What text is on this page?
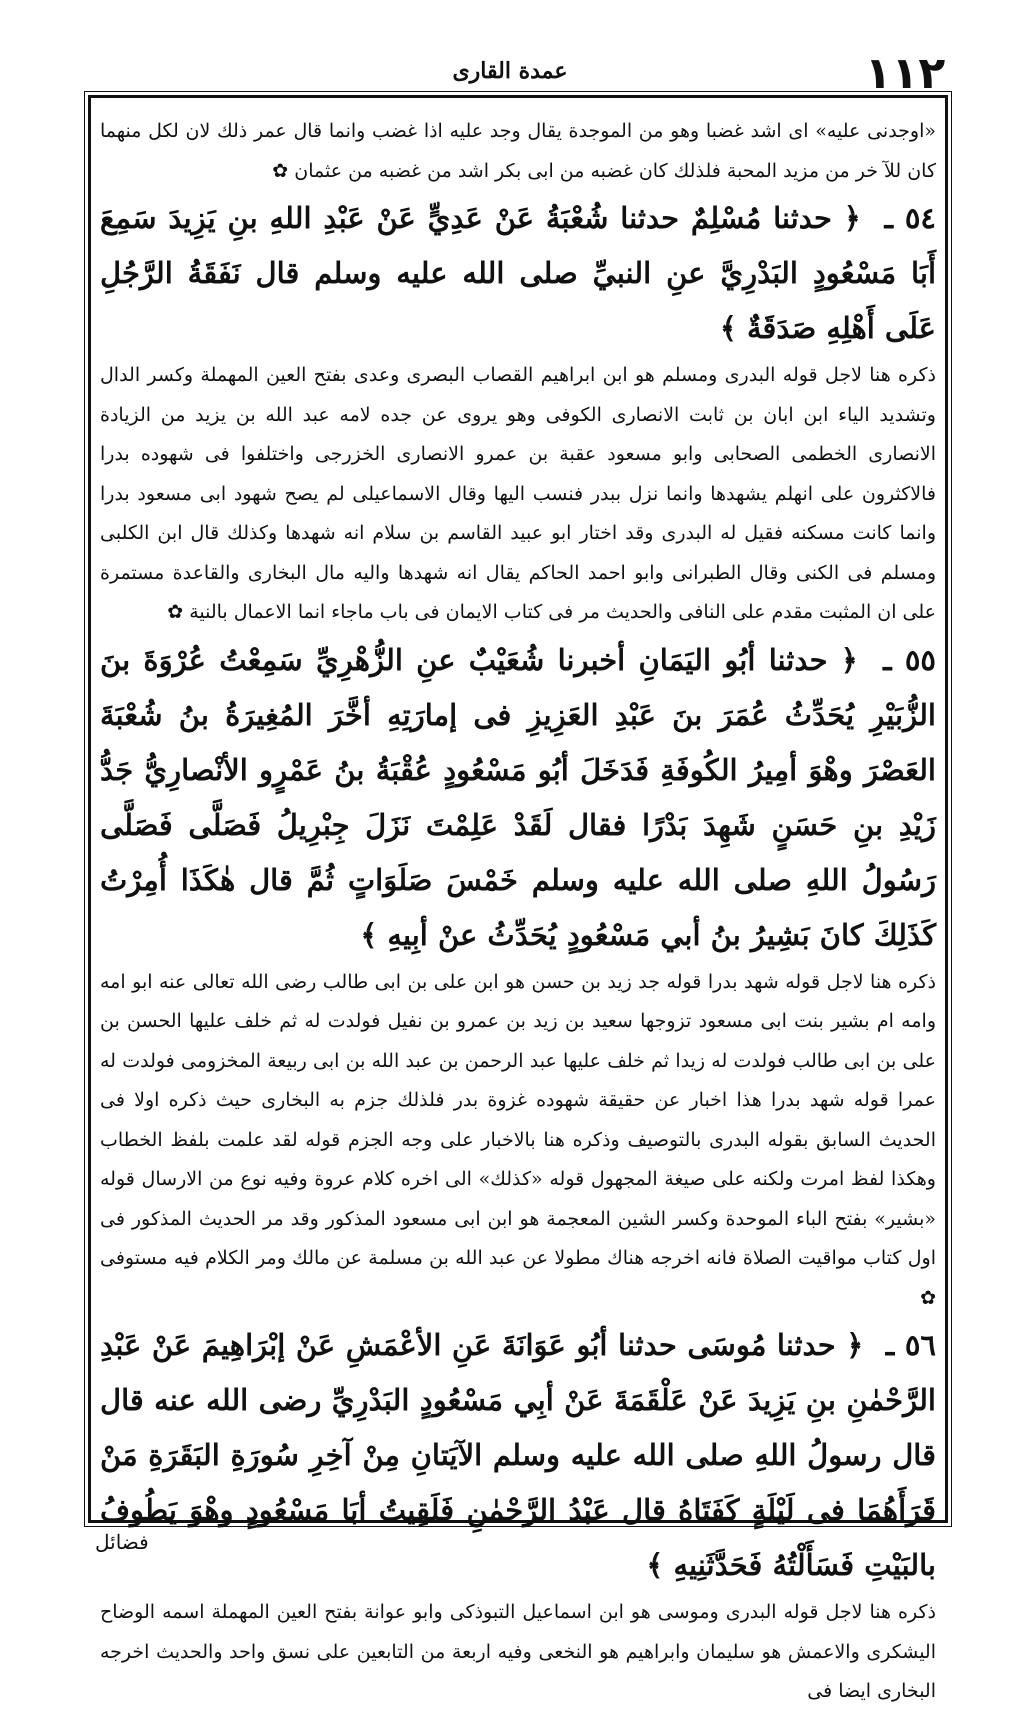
١١٢
عمدة القارى

«اوجدنى عليه» اى اشد غضبا وهو من الموجدة يقال وجد عليه اذا غضب وانما قال عمر ذلك لان لكل منهما كان للآ خر من مزيد المحبة فلذلك كان غضبه من ابى بكر اشد من غضبه من عثمان ✿

٥٤ ـ ﴿ حدثنا مُسْلِمٌ حدثنا شُعْبَةُ عَنْ عَدِيٍّ عَنْ عَبْدِ اللهِ بنِ يَزِيدَ سَمِعَ أَبَا مَسْعُودٍ البَدْرِيَّ عنِ النبيِّ صلى الله عليه وسلم قال نَفَقَةُ الرَّجُلِ عَلَى أَهْلِهِ صَدَقَةٌ ﴾

ذكره هنا لاجل قوله البدرى ومسلم هو ابن ابراهيم القصاب البصرى وعدى بفتح العين المهملة وكسر الدال وتشديد الياء ابن ابان بن ثابت الانصارى الكوفى وهو يروى عن جده لامه عبد الله بن يزيد من الزيادة الانصارى الخطمى الصحابى وابو مسعود عقبة بن عمرو الانصارى الخزرجى واختلفوا فى شهوده بدرا فالاكثرون على انهلم يشهدها وانما نزل ببدر فنسب اليها وقال الاسماعيلى لم يصح شهود ابى مسعود بدرا وانما كانت مسكنه فقيل له البدرى وقد اختار ابو عبيد القاسم بن سلام انه شهدها وكذلك قال ابن الكلبى ومسلم فى الكنى وقال الطبرانى وابو احمد الحاكم يقال انه شهدها واليه مال البخارى والقاعدة مستمرة على ان المثبت مقدم على النافى والحديث مر فى كتاب الايمان فى باب ماجاء انما الاعمال بالنية ✿

٥٥ ـ ﴿ حدثنا أبُو اليَمَانِ أخبرنا شُعَيْبٌ عنِ الزُّهْرِيِّ سَمِعْتُ عُرْوَةَ بنَ الزُّبَيْرِ يُحَدِّثُ عُمَرَ بنَ عَبْدِ العَزِيزِ فى إمارَتِهِ أخَّرَ المُغِيرَةُ بنُ شُعْبَةَ العَصْرَ وهْوَ أمِيرُ الكُوفَةِ فَدَخَلَ أبُو مَسْعُودٍ عُقْبَةُ بنُ عَمْرٍو الأنْصارِيُّ جَدُّ زَيْدِ بنِ حَسَنٍ شَهِدَ بَدْرًا فقال لَقَدْ عَلِمْتَ نَزَلَ جِبْرِيلُ فَصَلَّى فَصَلَّى رَسُولُ اللهِ صلى الله عليه وسلم خَمْسَ صَلَوَاتٍ ثُمَّ قال هٰكَذَا أُمِرْتُ كَذَلِكَ كانَ بَشِيرُ بنُ أبي مَسْعُودٍ يُحَدِّثُ عنْ أبِيهِ ﴾

ذكره هنا لاجل قوله شهد بدرا قوله جد زيد بن حسن هو ابن على بن ابى طالب رضى الله تعالى عنه ابو امه وامه ام بشير بنت ابى مسعود تزوجها سعيد بن زيد بن عمرو بن نفيل فولدت له ثم خلف عليها الحسن بن على بن ابى طالب فولدت له زيدا ثم خلف عليها عبد الرحمن بن عبد الله بن ابى ربيعة المخزومى فولدت له عمرا قوله شهد بدرا هذا اخبار عن حقيقة شهوده غزوة بدر فلذلك جزم به البخارى حيث ذكره اولا فى الحديث السابق بقوله البدرى بالتوصيف وذكره هنا بالاخبار على وجه الجزم قوله لقد علمت بلفظ الخطاب وهكذا لفظ امرت ولكنه على صيغة المجهول قوله «كذلك» الى اخره كلام عروة وفيه نوع من الارسال قوله «بشير» بفتح الباء الموحدة وكسر الشين المعجمة هو ابن ابى مسعود المذكور وقد مر الحديث المذكور فى اول كتاب مواقيت الصلاة فانه اخرجه هناك مطولا عن عبد الله بن مسلمة عن مالك ومر الكلام فيه مستوفى ✿

٥٦ ـ ﴿ حدثنا مُوسَى حدثنا أبُو عَوَانَةَ عَنِ الأعْمَشِ عَنْ إبْرَاهِيمَ عَنْ عَبْدِ الرَّحْمٰنِ بنِ يَزِيدَ عَنْ عَلْقَمَةَ عَنْ أبِي مَسْعُودٍ البَدْرِيِّ رضى الله عنه قال قال رسولُ اللهِ صلى الله عليه وسلم الآيَتانِ مِنْ آخِرِ سُورَةِ البَقَرَةِ مَنْ قَرَأَهُمَا فى لَيْلَةٍ كَفَتَاهُ قال عَبْدُ الرَّحْمٰنِ فَلَقِيتُ أبَا مَسْعُودٍ وهْوَ يَطُوفُ بالبَيْتِ فَسَأَلْتُهُ فَحَدَّثَنِيهِ ﴾

ذكره هنا لاجل قوله البدرى وموسى هو ابن اسماعيل التبوذكى وابو عوانة بفتح العين المهملة اسمه الوضاح اليشكرى والاعمش هو سليمان وابراهيم هو النخعى وفيه اربعة من التابعين على نسق واحد والحديث اخرجه البخارى ايضا فى

فضائل
